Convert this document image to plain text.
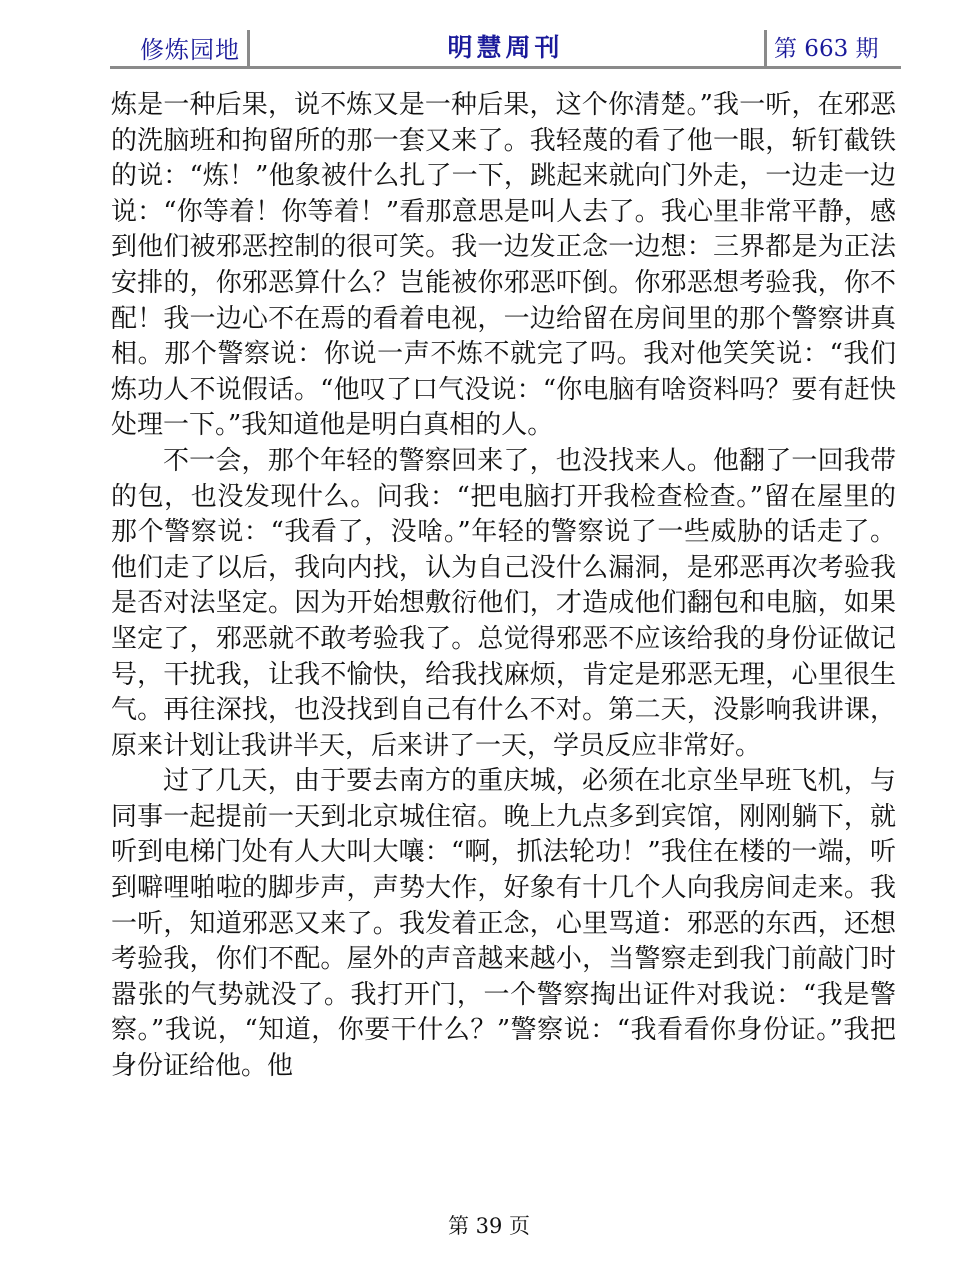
修炼园地	明慧周刊	第 663 期

炼是一种后果，说不炼又是一种后果，这个你清楚。”我一听，在邪恶的洗脑班和拘留所的那一套又来了。我轻蔑的看了他一眼，斩钉截铁的说：“炼！”他象被什么扎了一下，跳起来就向门外走，一边走一边说：“你等着！你等着！”看那意思是叫人去了。我心里非常平静，感到他们被邪恶控制的很可笑。我一边发正念一边想：三界都是为正法安排的，你邪恶算什么？岂能被你邪恶吓倒。你邪恶想考验我，你不配！我一边心不在焉的看着电视，一边给留在房间里的那个警察讲真相。那个警察说：你说一声不炼不就完了吗。我对他笑笑说：“我们炼功人不说假话。“他叹了口气没说：“你电脑有啥资料吗？要有赶快处理一下。”我知道他是明白真相的人。

不一会，那个年轻的警察回来了，也没找来人。他翻了一回我带的包，也没发现什么。问我：“把电脑打开我检查检查。”留在屋里的那个警察说：“我看了，没啥。”年轻的警察说了一些威胁的话走了。他们走了以后，我向内找，认为自己没什么漏洞，是邪恶再次考验我是否对法坚定。因为开始想敷衍他们，才造成他们翻包和电脑，如果坚定了，邪恶就不敢考验我了。总觉得邪恶不应该给我的身份证做记号，干扰我，让我不愉快，给我找麻烦，肯定是邪恶无理，心里很生气。再往深找，也没找到自己有什么不对。第二天，没影响我讲课，原来计划让我讲半天，后来讲了一天，学员反应非常好。

过了几天，由于要去南方的重庆城，必须在北京坐早班飞机，与同事一起提前一天到北京城住宿。晚上九点多到宾馆，刚刚躺下，就听到电梯门处有人大叫大嚷：“啊，抓法轮功！”我住在楼的一端，听到噼哩啪啦的脚步声，声势大作，好象有十几个人向我房间走来。我一听，知道邪恶又来了。我发着正念，心里骂道：邪恶的东西，还想考验我，你们不配。屋外的声音越来越小，当警察走到我门前敲门时嚣张的气势就没了。我打开门，一个警察掏出证件对我说：“我是警察。”我说，“知道，你要干什么？”警察说：“我看看你身份证。”我把身份证给他。他

第 39 页
